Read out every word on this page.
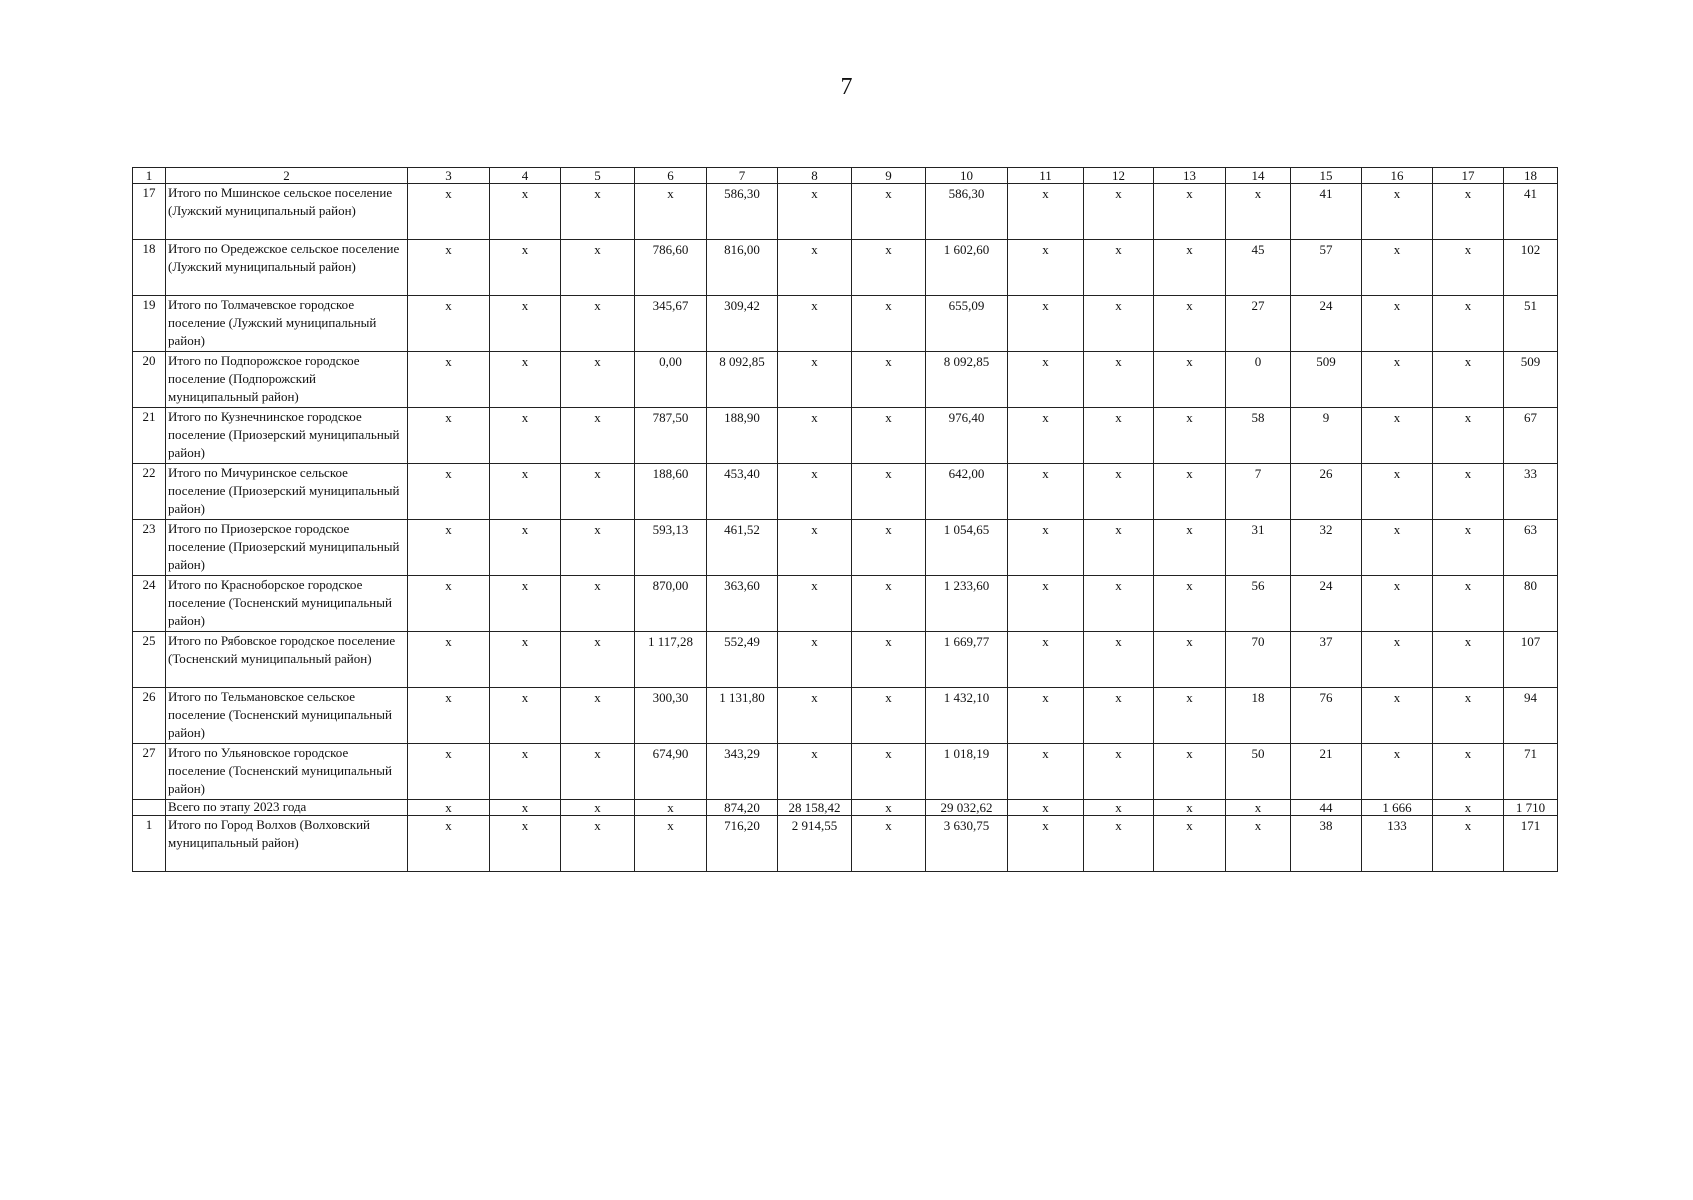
7
1	2	3	4	5	6	7	8	9	10	11	12	13	14	15	16	17	18
17	Итого по Мшинское сельское поселение (Лужский муниципальный район)	x	x	x	x	586,30	x	x	586,30	x	x	x	x	41	x	x	41
18	Итого по Оредежское сельское поселение (Лужский муниципальный район)	x	x	x	786,60	816,00	x	x	1 602,60	x	x	x	45	57	x	x	102
19	Итого по Толмачевское городское поселение (Лужский муниципальный район)	x	x	x	345,67	309,42	x	x	655,09	x	x	x	27	24	x	x	51
20	Итого по Подпорожское городское поселение (Подпорожский муниципальный район)	x	x	x	0,00	8 092,85	x	x	8 092,85	x	x	x	0	509	x	x	509
21	Итого по Кузнечнинское городское поселение (Приозерский муниципальный район)	x	x	x	787,50	188,90	x	x	976,40	x	x	x	58	9	x	x	67
22	Итого по Мичуринское сельское поселение (Приозерский муниципальный район)	x	x	x	188,60	453,40	x	x	642,00	x	x	x	7	26	x	x	33
23	Итого по Приозерское городское поселение (Приозерский муниципальный район)	x	x	x	593,13	461,52	x	x	1 054,65	x	x	x	31	32	x	x	63
24	Итого по Красноборское городское поселение (Тосненский муниципальный район)	x	x	x	870,00	363,60	x	x	1 233,60	x	x	x	56	24	x	x	80
25	Итого по Рябовское городское поселение (Тосненский муниципальный район)	x	x	x	1 117,28	552,49	x	x	1 669,77	x	x	x	70	37	x	x	107
26	Итого по Тельмановское сельское поселение (Тосненский муниципальный район)	x	x	x	300,30	1 131,80	x	x	1 432,10	x	x	x	18	76	x	x	94
27	Итого по Ульяновское городское поселение (Тосненский муниципальный район)	x	x	x	674,90	343,29	x	x	1 018,19	x	x	x	50	21	x	x	71
	Всего по этапу 2023 года	x	x	x	x	874,20	28 158,42	x	29 032,62	x	x	x	x	44	1 666	x	1 710
1	Итого по Город Волхов (Волховский муниципальный район)	x	x	x	x	716,20	2 914,55	x	3 630,75	x	x	x	x	38	133	x	171
